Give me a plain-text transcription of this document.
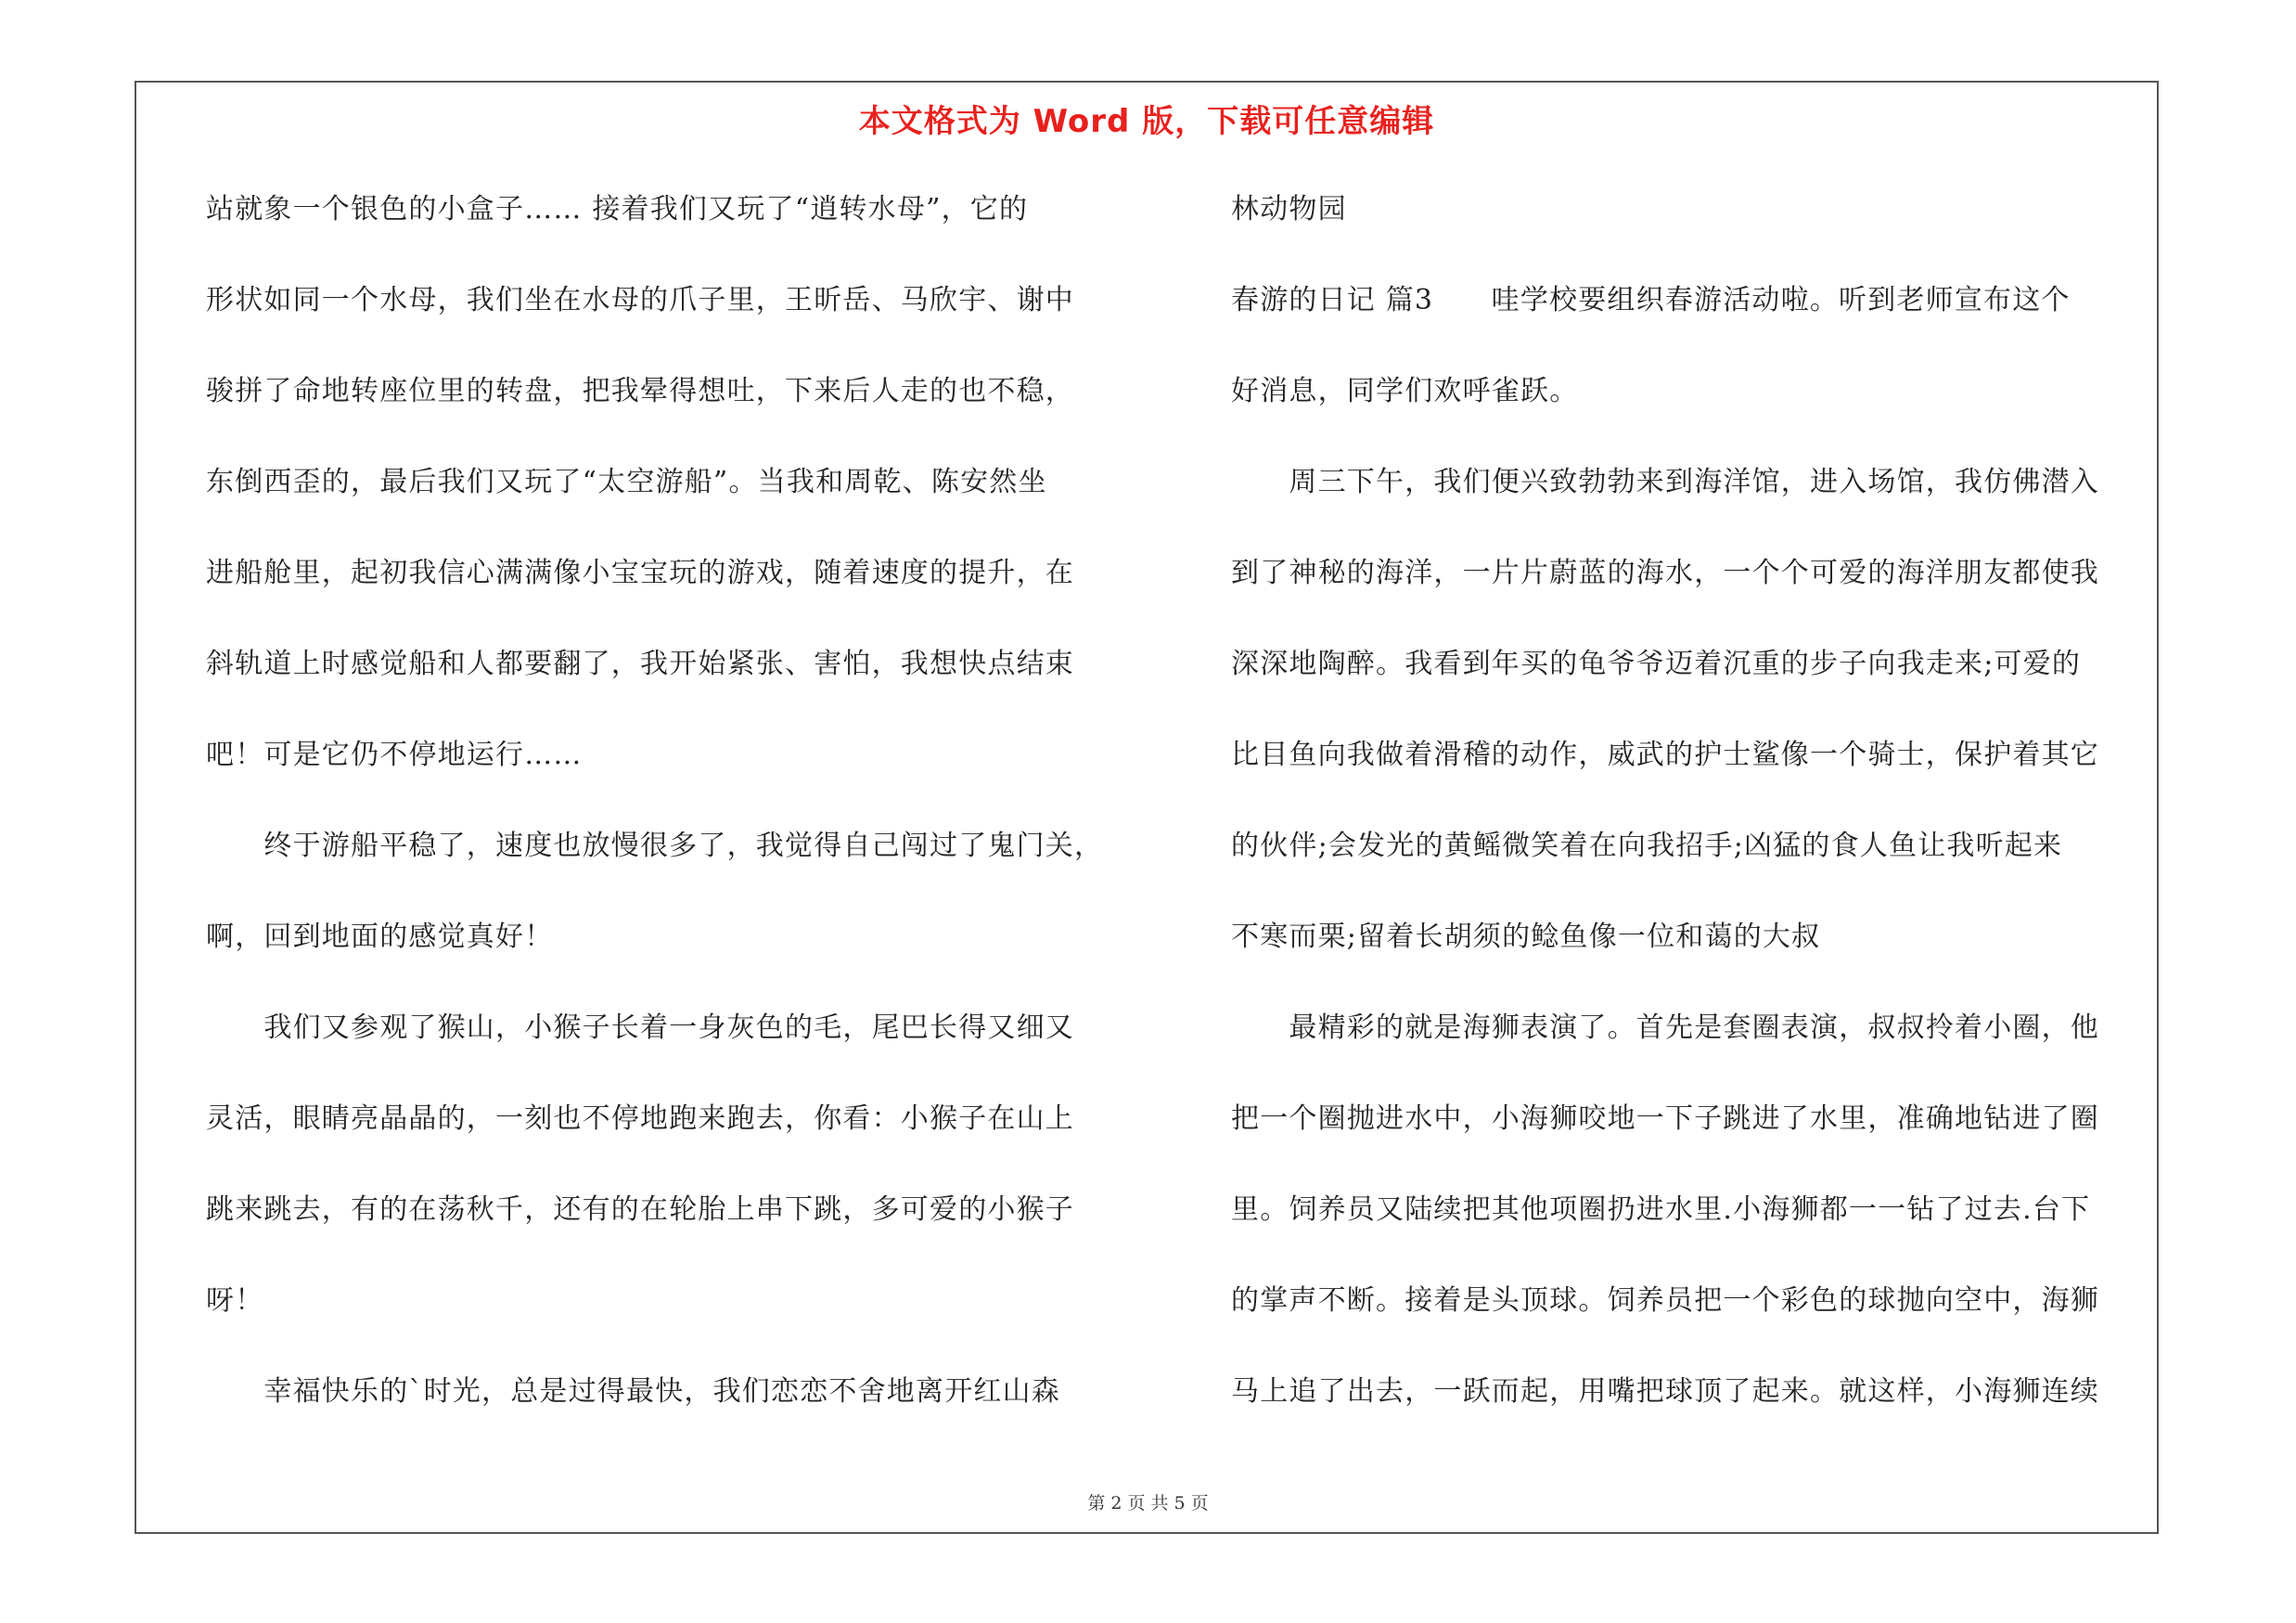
本文格式为 Word 版，下载可任意编辑
站就象一个银色的小盒子…… 接着我们又玩了“逍转水母”，它的
形状如同一个水母，我们坐在水母的爪子里，王昕岳、马欣宇、谢中
骏拼了命地转座位里的转盘，把我晕得想吐，下来后人走的也不稳，
东倒西歪的，最后我们又玩了“太空游船”。当我和周乾、陈安然坐
进船舱里，起初我信心满满像小宝宝玩的游戏，随着速度的提升，在
斜轨道上时感觉船和人都要翻了，我开始紧张、害怕，我想快点结束
吧！可是它仍不停地运行……
　　终于游船平稳了，速度也放慢很多了，我觉得自己闯过了鬼门关，
啊，回到地面的感觉真好！
　　我们又参观了猴山，小猴子长着一身灰色的毛，尾巴长得又细又
灵活，眼睛亮晶晶的，一刻也不停地跑来跑去，你看：小猴子在山上
跳来跳去，有的在荡秋千，还有的在轮胎上串下跳，多可爱的小猴子
呀！
　　幸福快乐的`时光，总是过得最快，我们恋恋不舍地离开红山森
林动物园
春游的日记 篇3　　哇学校要组织春游活动啦。听到老师宣布这个
好消息，同学们欢呼雀跃。
　　周三下午，我们便兴致勃勃来到海洋馆，进入场馆，我仿佛潜入
到了神秘的海洋，一片片蔚蓝的海水，一个个可爱的海洋朋友都使我
深深地陶醉。我看到年买的龟爷爷迈着沉重的步子向我走来;可爱的
比目鱼向我做着滑稽的动作，威武的护士鲨像一个骑士，保护着其它
的伙伴;会发光的黄鳐微笑着在向我招手;凶猛的食人鱼让我听起来
不寒而栗;留着长胡须的鲶鱼像一位和蔼的大叔
　　最精彩的就是海狮表演了。首先是套圈表演，叔叔拎着小圈，他
把一个圈抛进水中，小海狮咬地一下子跳进了水里，准确地钻进了圈
里。饲养员又陆续把其他项圈扔进水里.小海狮都一一钻了过去.台下
的掌声不断。接着是头顶球。饲养员把一个彩色的球抛向空中，海狮
马上追了出去，一跃而起，用嘴把球顶了起来。就这样，小海狮连续
第 2 页 共 5 页
